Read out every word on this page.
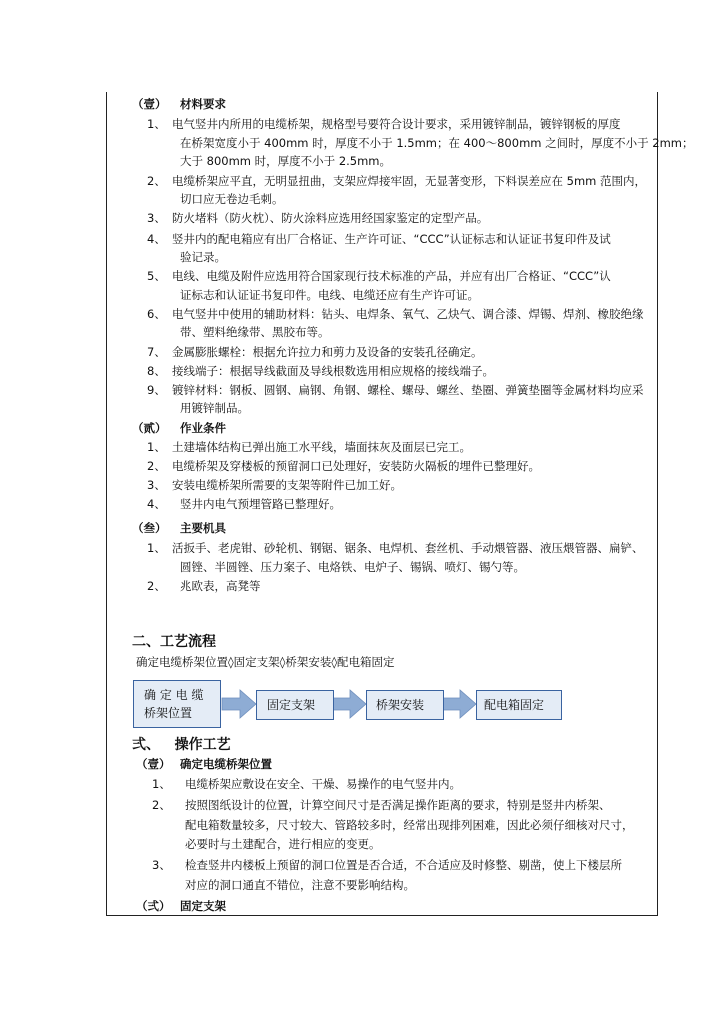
（壹） 材料要求
1、 电气竖井内所用的电缆桥架，规格型号要符合设计要求，采用镀锌制品，镀锌钢板的厚度
在桥架宽度小于 400mm 时，厚度不小于 1.5mm；在 400～800mm 之间时，厚度不小于 2mm；
大于 800mm 时，厚度不小于 2.5mm。
2、 电缆桥架应平直，无明显扭曲，支架应焊接牢固，无显著变形，下料误差应在 5mm 范围内，
切口应无卷边毛刺。
3、 防火堵料（防火枕）、防火涂料应选用经国家鉴定的定型产品。
4、 竖井内的配电箱应有出厂合格证、生产许可证、“CCC”认证标志和认证证书复印件及试
验记录。
5、 电线、电缆及附件应选用符合国家现行技术标准的产品，并应有出厂合格证、“CCC”认
证标志和认证证书复印件。电线、电缆还应有生产许可证。
6、 电气竖井中使用的辅助材料：钻头、电焊条、氧气、乙炔气、调合漆、焊锡、焊剂、橡胶绝缘
带、塑料绝缘带、黑胶布等。
7、 金属膨胀螺栓：根据允许拉力和剪力及设备的安装孔径确定。
8、 接线端子：根据导线截面及导线根数选用相应规格的接线端子。
9、 镀锌材料：钢板、圆钢、扁钢、角钢、螺栓、螺母、螺丝、垫圈、弹簧垫圈等金属材料均应采
用镀锌制品。
（贰） 作业条件
1、 土建墙体结构已弹出施工水平线，墙面抹灰及面层已完工。
2、 电缆桥架及穿楼板的预留洞口已处理好，安装防火隔板的埋件已整理好。
3、 安装电缆桥架所需要的支架等附件已加工好。
4、 竖井内电气预埋管路已整理好。
（叁） 主要机具
1、 活扳手、老虎钳、砂轮机、钢锯、锯条、电焊机、套丝机、手动煨管器、液压煨管器、扁铲、
圆锉、半圆锉、压力案子、电烙铁、电炉子、锡锅、喷灯、锡勺等。
2、 兆欧表，高凳等
二、工艺流程
确定电缆桥架位置◊固定支架◊桥架安装◊配电箱固定
确 定 电 缆
桥架位置
固定支架	桥架安装	配电箱固定
弍、   操作工艺
（壹） 确定电缆桥架位置
1、 电缆桥架应敷设在安全、干燥、易操作的电气竖井内。
2、 按照图纸设计的位置，计算空间尺寸是否满足操作距离的要求，特别是竖井内桥架、
配电箱数量较多，尺寸较大、管路较多时，经常出现排列困难，因此必须仔细核对尺寸，
必要时与土建配合，进行相应的变更。
3、 检查竖井内楼板上预留的洞口位置是否合适，不合适应及时修整、剔凿，使上下楼层所
对应的洞口通直不错位，注意不要影响结构。
（弍） 固定支架
